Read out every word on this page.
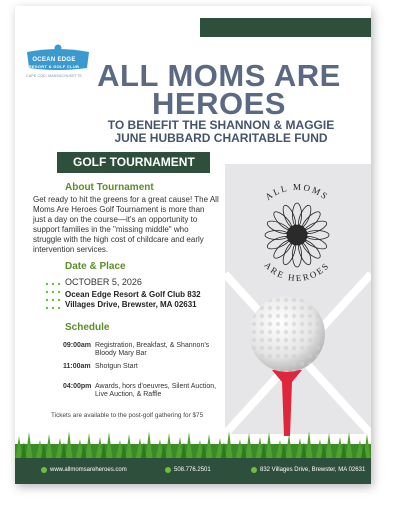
OCEAN EDGE
RESORT & GOLF CLUB
CAPE COD, MASSACHUSETTS ALL MOMS ARE HEROES
TO BENEFIT THE SHANNON & MAGGIE JUNE HUBBARD CHARITABLE FUND
GOLF TOURNAMENT
About Tournament
Get ready to hit the greens for a great cause! The All Moms Are Heroes Golf Tournament is more than just a day on the course—it's an opportunity to support families in the "missing middle" who struggle with the high cost of childcare and early intervention services.
Date & Place
OCTOBER 5, 2026
Ocean Edge Resort & Golf Club 832 Villages Drive, Brewster, MA 02631
Schedule
09:00am Registration, Breakfast, & Shannon's Bloody Mary Bar
11:00am Shotgun Start
04:00pm Awards, hors d'oeuvres, Silent Auction, Live Auction, & Raffle
Tickets are available to the post-golf gathering for $75
ALL MOMS
ARE HEROES
www.allmomsareheroes.com	508.776.2501	832 Villages Drive, Brewster, MA 02631
